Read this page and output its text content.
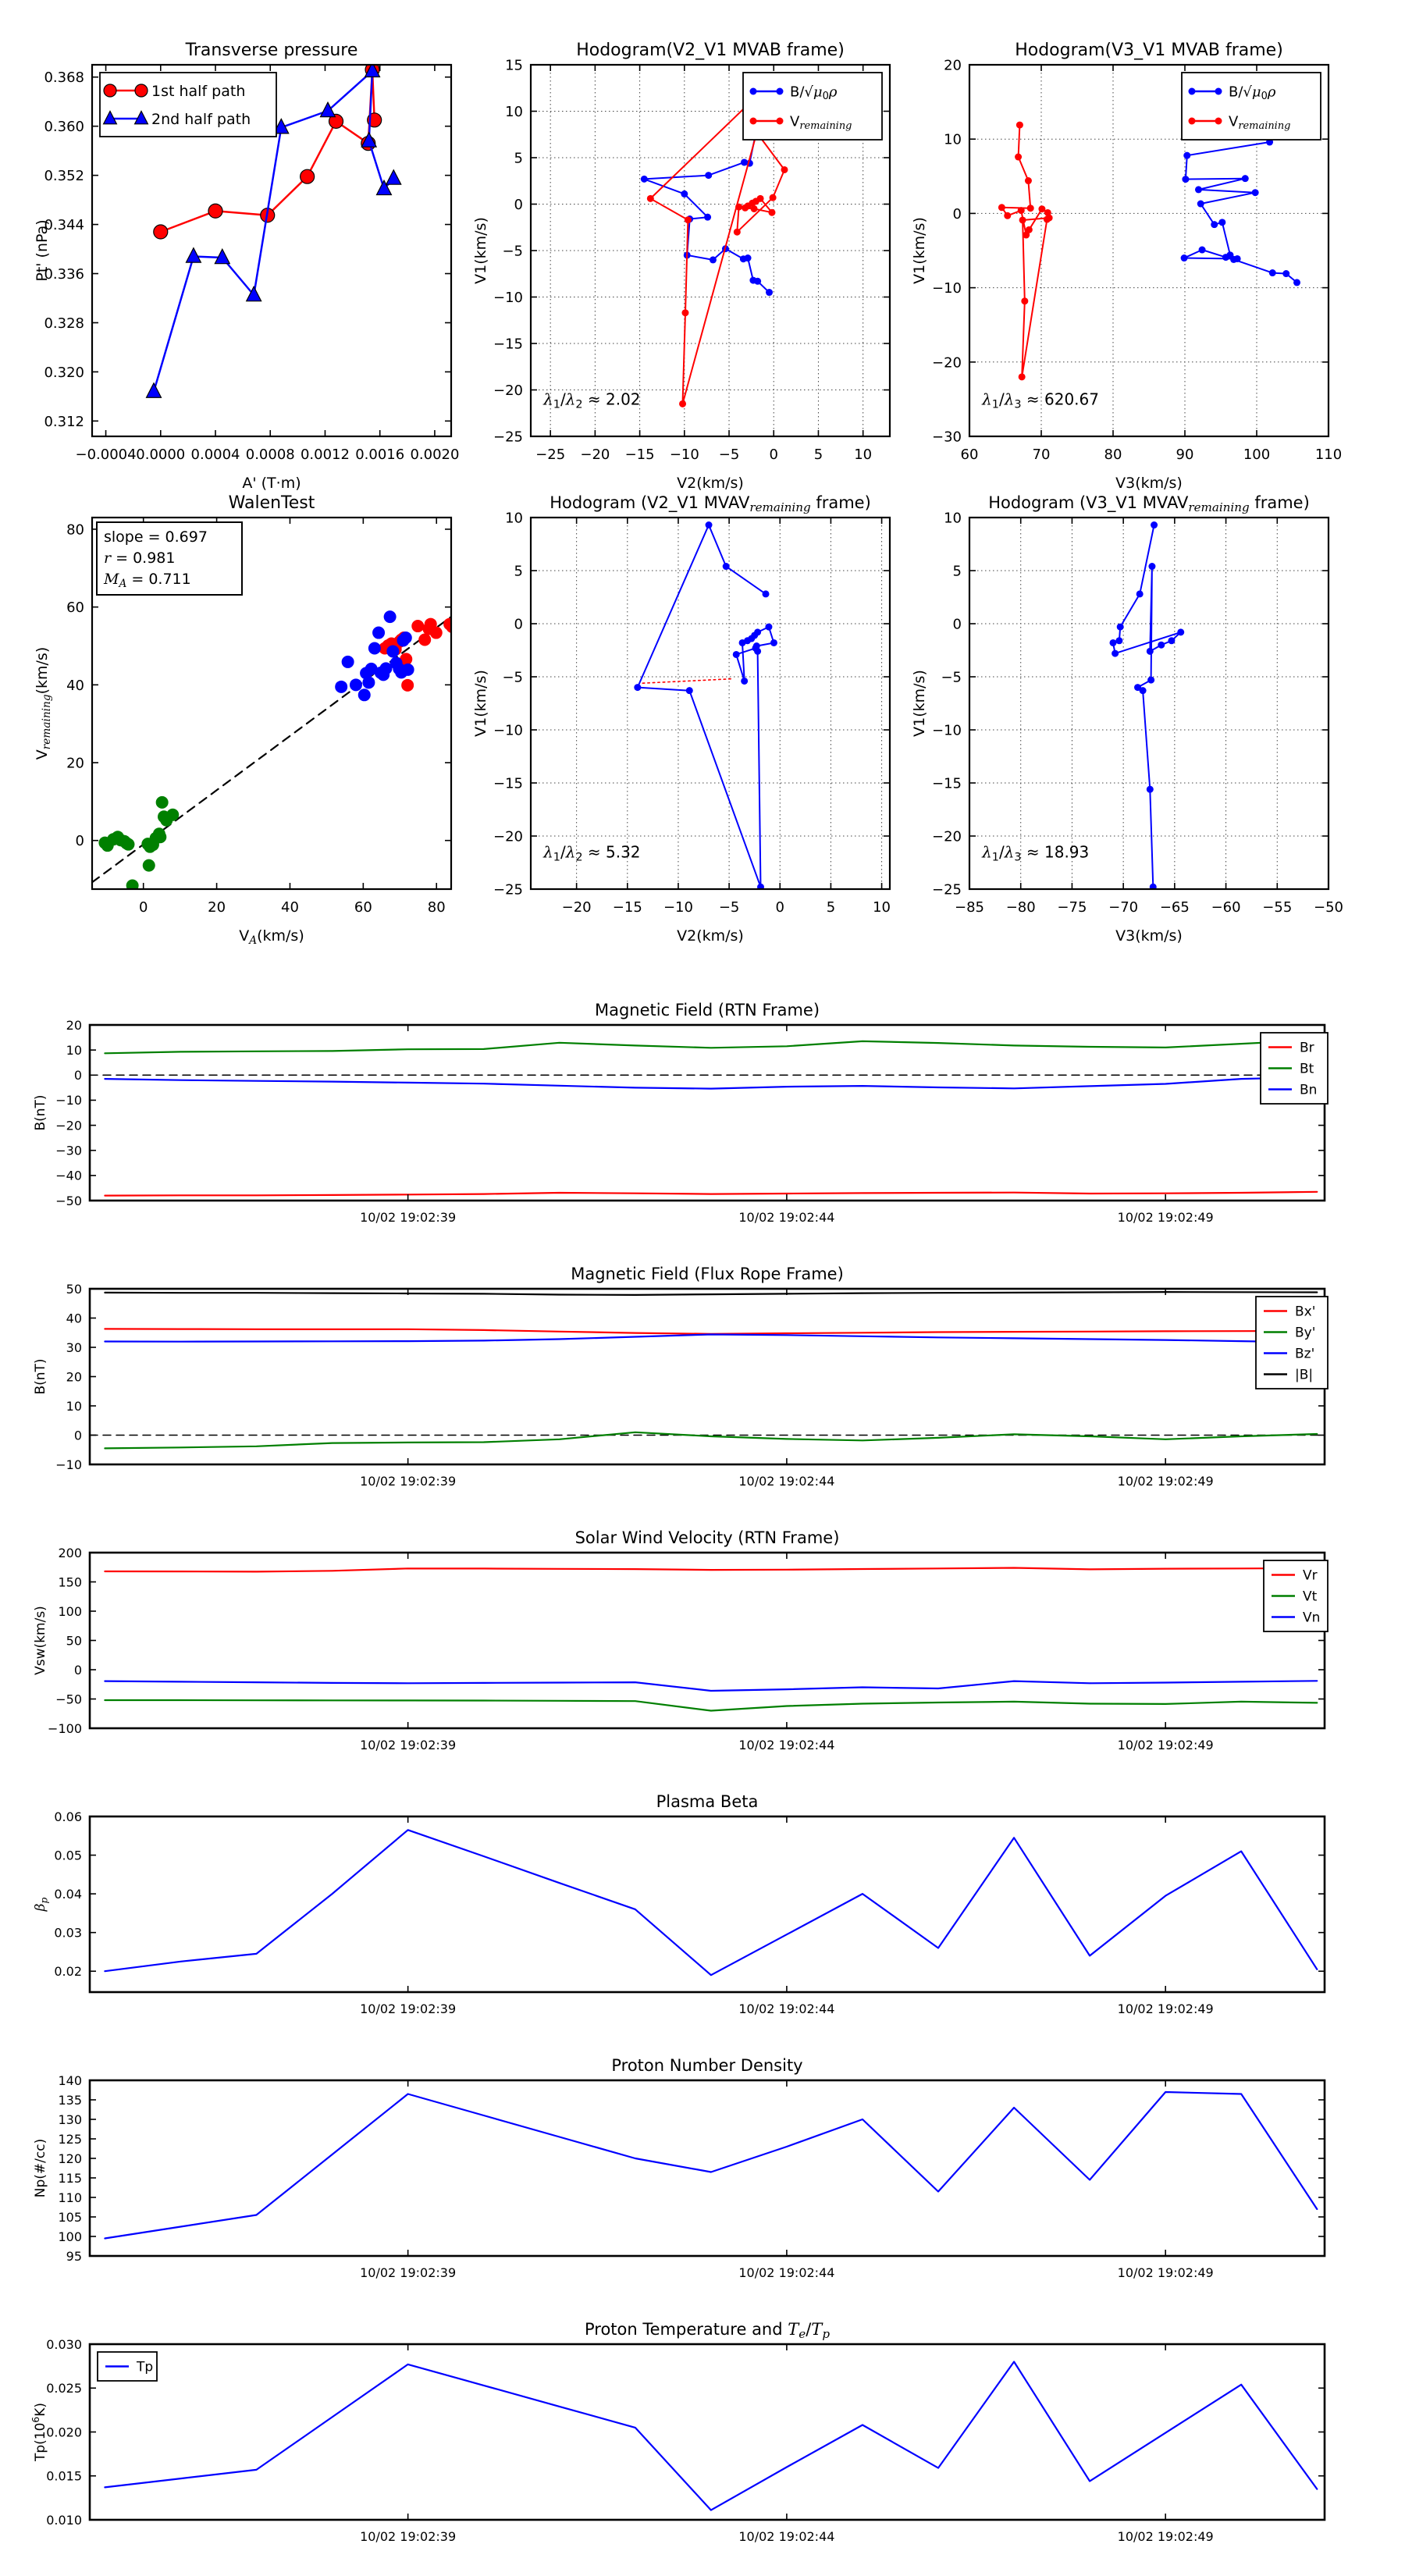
−0.0004 0.0000 0.0004 0.0008 0.0012 0.0016 0.0020
0.312
0.320
0.328
0.336
0.344
0.352
0.360
0.368
Transverse pressure
A' (T·m)
Pt' (nPa)
1st half path
2nd half path
−25 −20 −15 −10 −5 0	5 10
15
10
5
0
−5
−10
−15
−20
−25
Hodogram(V2_V1 MVAB frame)
V2(km/s)
V1(km/s)
$B/√\mu_0\rho$
$V_{remaining}$
$\lambda_1/\lambda_2 \approx 2.02$
60	70	80	90	100	110
20
10
0
−10
−20
−30
Hodogram(V3_V1 MVAB frame)
V3(km/s)
V1(km/s)
$B/√\mu_0\rho$
$V_{remaining}$
$\lambda_1/\lambda_3 \approx 620.67$
0	20	40	60	80
0
20
40
60
80
WalenTest
$V_A(km/s)$
$V_{remaining}(km/s)$
slope = 0.697
r = 0.981
$M_A = 0.711$
−20 −15 −10 −5	0	5	10
10
5
0
−5
−10
−15
−20
−25
Hodogram (V2_V1 $MVAV_{remaining}$ frame)
V2(km/s)
V1(km/s)
$\lambda_1/\lambda_2 \approx 5.32$
−85 −80 −75 −70 −65 −60 −55 −50
10
5
0
−5
−10
−15
−20
−25
Hodogram (V3_V1 $MVAV_{remaining}$ frame)
V3(km/s)
V1(km/s)
$\lambda_1/\lambda_3 \approx 18.93$
10/02 19:02:39	10/02 19:02:44	10/02 19:02:49
20
10
0
−10
−20
−30
−40
−50
Magnetic Field (RTN Frame)
B(nT)
Br
Bt
Bn
10/02 19:02:39	10/02 19:02:44	10/02 19:02:49
50
40
30
20
10
0
−10
Magnetic Field (Flux Rope Frame)
B(nT)
Bx'
By'
Bz'
|B|
10/02 19:02:39	10/02 19:02:44	10/02 19:02:49
200
150
100
50
0
−50
−100
Solar Wind Velocity (RTN Frame)
Vsw(km/s)
Vr
Vt
Vn
10/02 19:02:39	10/02 19:02:44	10/02 19:02:49
0.06
0.05
0.04
0.03
0.02
Plasma Beta
$\beta_p$
10/02 19:02:39	10/02 19:02:44	10/02 19:02:49
140
135
130
125
120
115
110
105
100
95
Proton Number Density
Np(#/cc)
10/02 19:02:39	10/02 19:02:44	10/02 19:02:49
0.030
0.025
0.020
0.015
0.010
Proton Temperature and $T_e/T_p$
$Tp(10^6K)$
Tp
